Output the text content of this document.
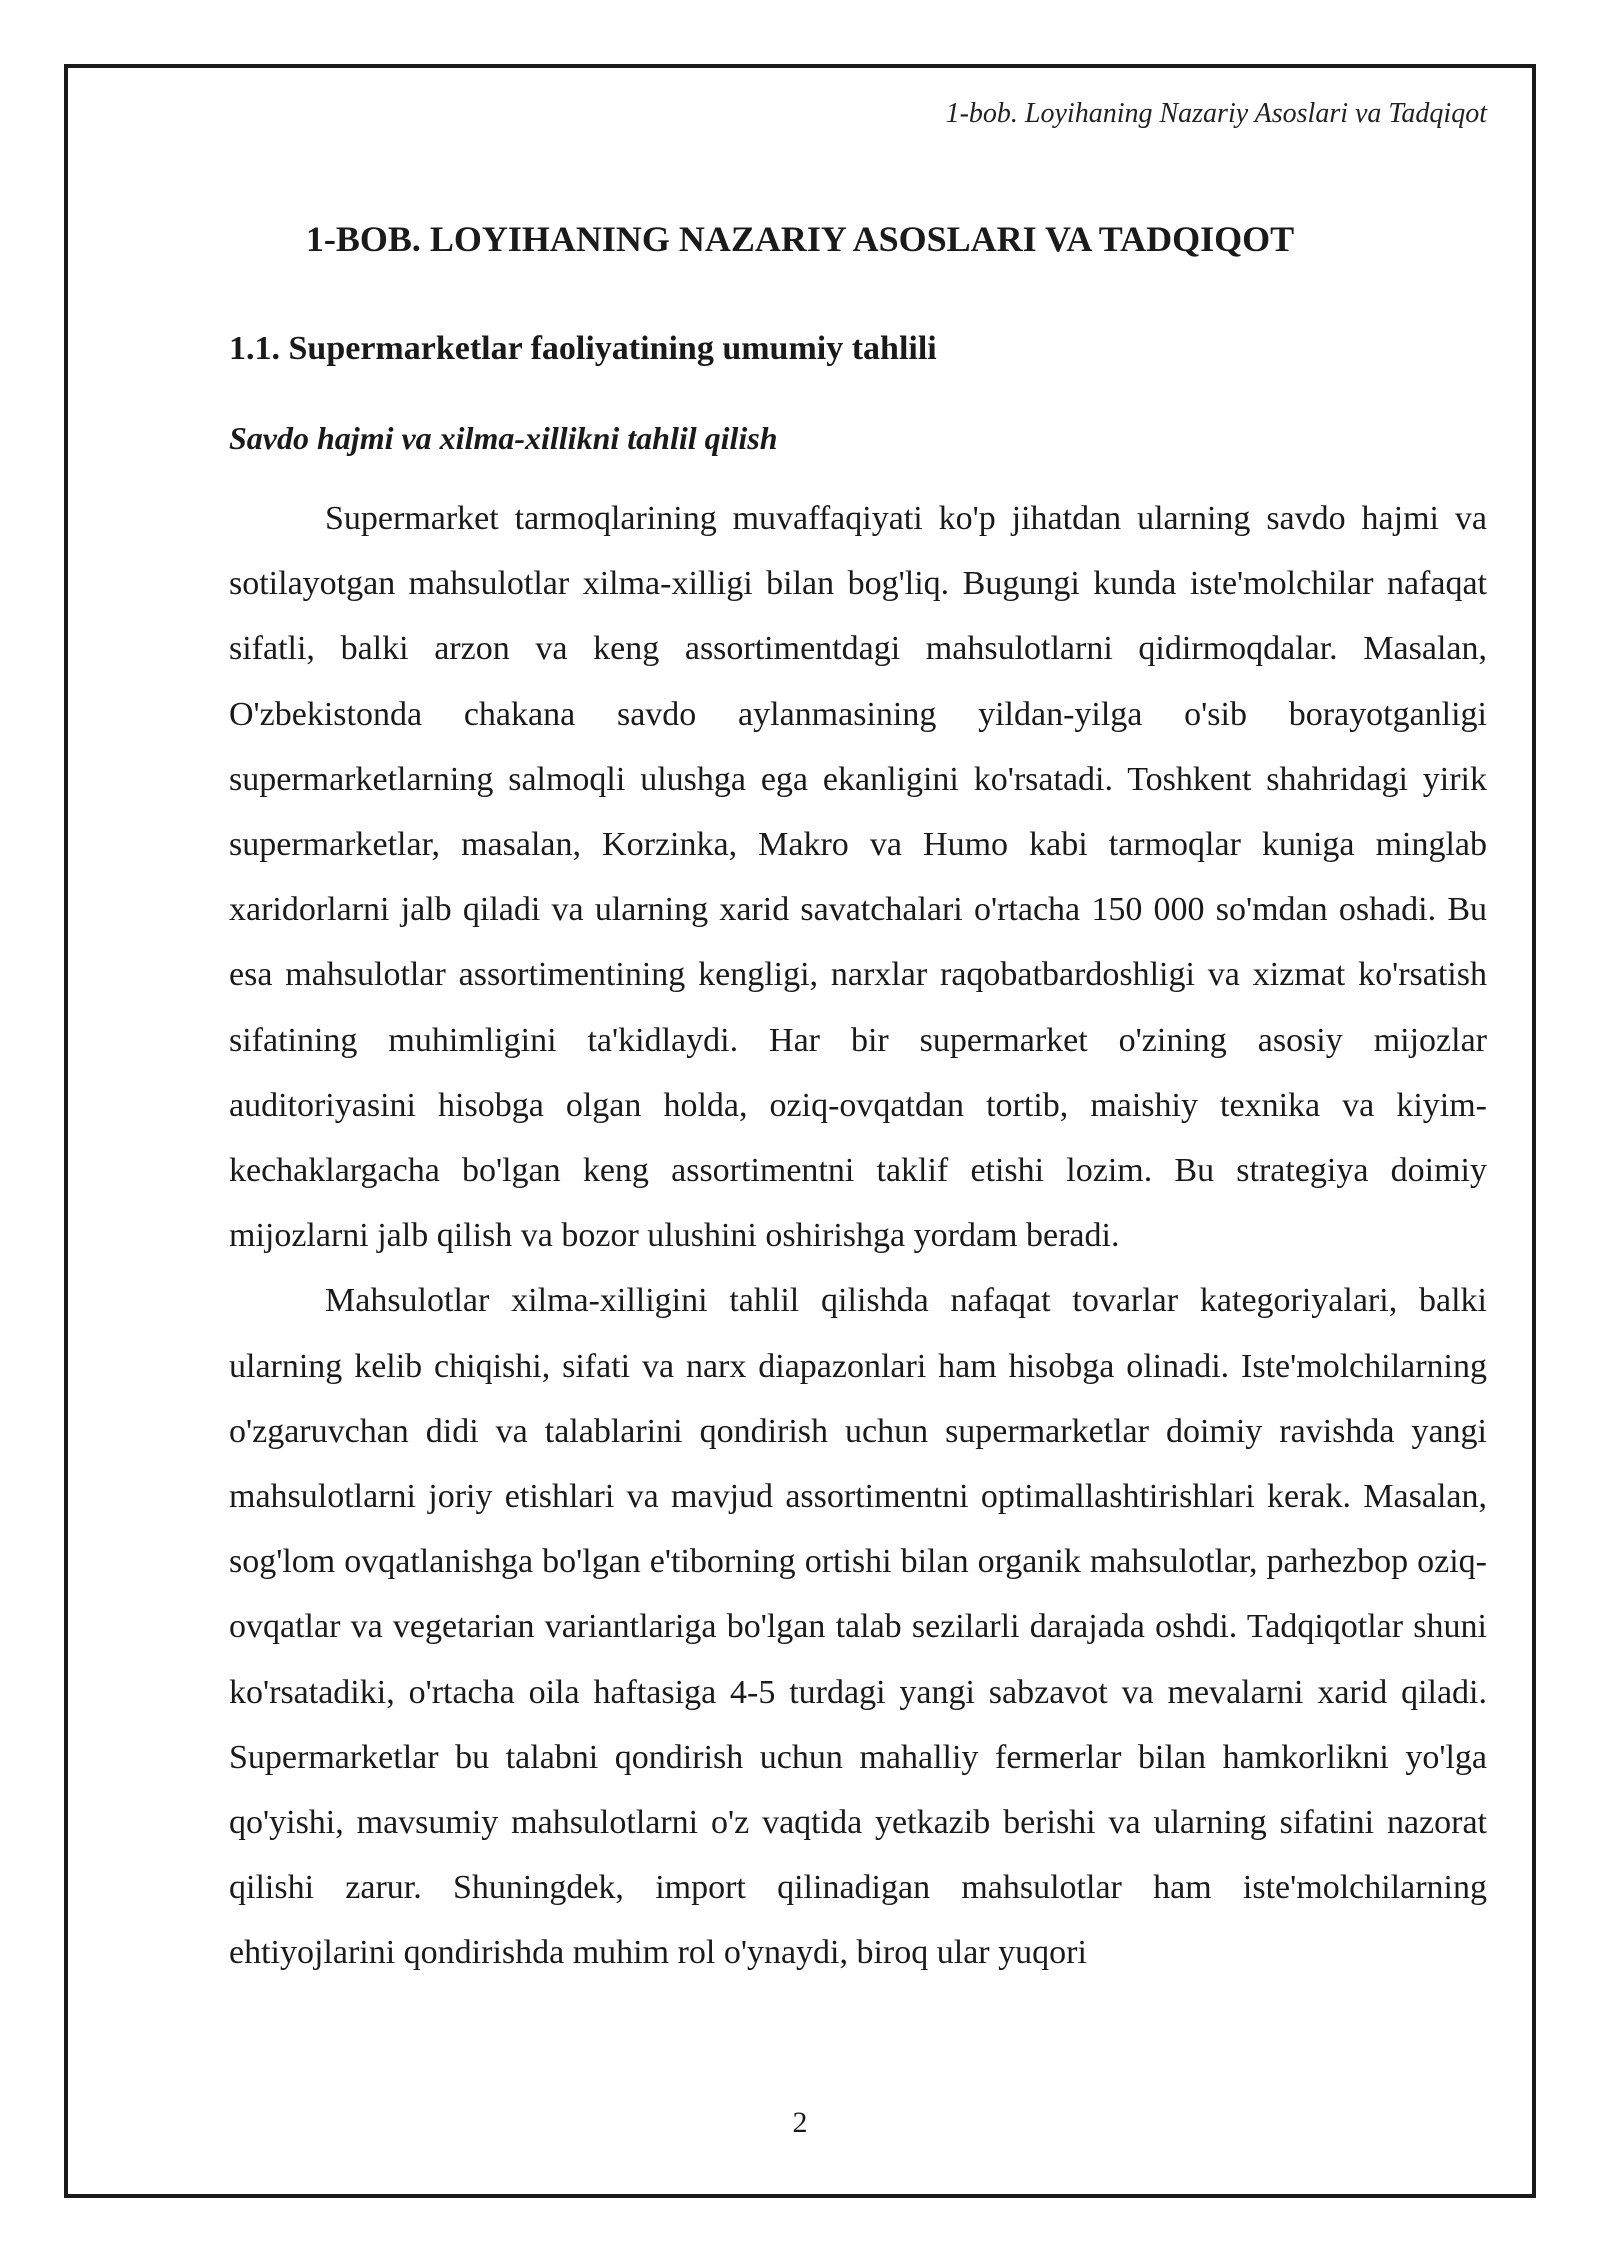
1-bob. Loyihaning Nazariy Asoslari va Tadqiqot
1-BOB. LOYIHANING NAZARIY ASOSLARI VA TADQIQOT
1.1. Supermarketlar faoliyatining umumiy tahlili
Savdo hajmi va xilma-xillikni tahlil qilish

Supermarket tarmoqlarining muvaffaqiyati ko'p jihatdan ularning savdo hajmi va sotilayotgan mahsulotlar xilma-xilligi bilan bog'liq. Bugungi kunda iste'molchilar nafaqat sifatli, balki arzon va keng assortimentdagi mahsulotlarni qidirmoqdalar. Masalan, O'zbekistonda chakana savdo aylanmasining yildan-yilga o'sib borayotganligi supermarketlarning salmoqli ulushga ega ekanligini ko'rsatadi. Toshkent shahridagi yirik supermarketlar, masalan, Korzinka, Makro va Humo kabi tarmoqlar kuniga minglab xaridorlarni jalb qiladi va ularning xarid savatchalari o'rtacha 150 000 so'mdan oshadi. Bu esa mahsulotlar assortimentining kengligi, narxlar raqobatbardoshligi va xizmat ko'rsatish sifatining muhimligini ta'kidlaydi. Har bir supermarket o'zining asosiy mijozlar auditoriyasini hisobga olgan holda, oziq-ovqatdan tortib, maishiy texnika va kiyim-kechaklargacha bo'lgan keng assortimentni taklif etishi lozim. Bu strategiya doimiy mijozlarni jalb qilish va bozor ulushini oshirishga yordam beradi.

Mahsulotlar xilma-xilligini tahlil qilishda nafaqat tovarlar kategoriyalari, balki ularning kelib chiqishi, sifati va narx diapazonlari ham hisobga olinadi. Iste'molchilarning o'zgaruvchan didi va talablarini qondirish uchun supermarketlar doimiy ravishda yangi mahsulotlarni joriy etishlari va mavjud assortimentni optimallashtirishlari kerak. Masalan, sog'lom ovqatlanishga bo'lgan e'tiborning ortishi bilan organik mahsulotlar, parhezbop oziq-ovqatlar va vegetarian variantlariga bo'lgan talab sezilarli darajada oshdi. Tadqiqotlar shuni ko'rsatadiki, o'rtacha oila haftasiga 4-5 turdagi yangi sabzavot va mevalarni xarid qiladi. Supermarketlar bu talabni qondirish uchun mahalliy fermerlar bilan hamkorlikni yo'lga qo'yishi, mavsumiy mahsulotlarni o'z vaqtida yetkazib berishi va ularning sifatini nazorat qilishi zarur. Shuningdek, import qilinadigan mahsulotlar ham iste'molchilarning ehtiyojlarini qondirishda muhim rol o'ynaydi, biroq ular yuqori

2
